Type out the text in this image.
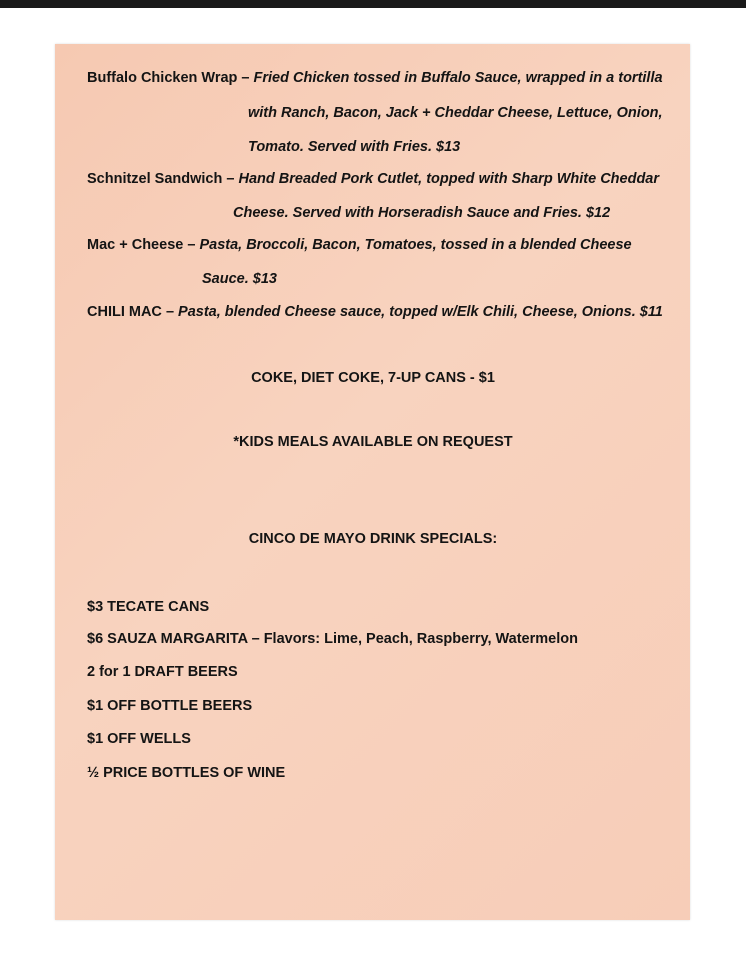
Buffalo Chicken Wrap – Fried Chicken tossed in Buffalo Sauce, wrapped in a tortilla
with Ranch, Bacon, Jack + Cheddar Cheese, Lettuce, Onion,
Tomato. Served with Fries. $13
Schnitzel Sandwich – Hand Breaded Pork Cutlet, topped with Sharp White Cheddar
Cheese. Served with Horseradish Sauce and Fries. $12
Mac + Cheese – Pasta, Broccoli, Bacon, Tomatoes, tossed in a blended Cheese
Sauce. $13
CHILI MAC – Pasta, blended Cheese sauce, topped w/Elk Chili, Cheese, Onions. $11
COKE, DIET COKE, 7-UP CANS - $1
*KIDS MEALS AVAILABLE ON REQUEST
CINCO DE MAYO DRINK SPECIALS:
$3 TECATE CANS
$6 SAUZA MARGARITA – Flavors: Lime, Peach, Raspberry, Watermelon
2 for 1 DRAFT BEERS
$1 OFF BOTTLE BEERS
$1 OFF WELLS
½ PRICE BOTTLES OF WINE
